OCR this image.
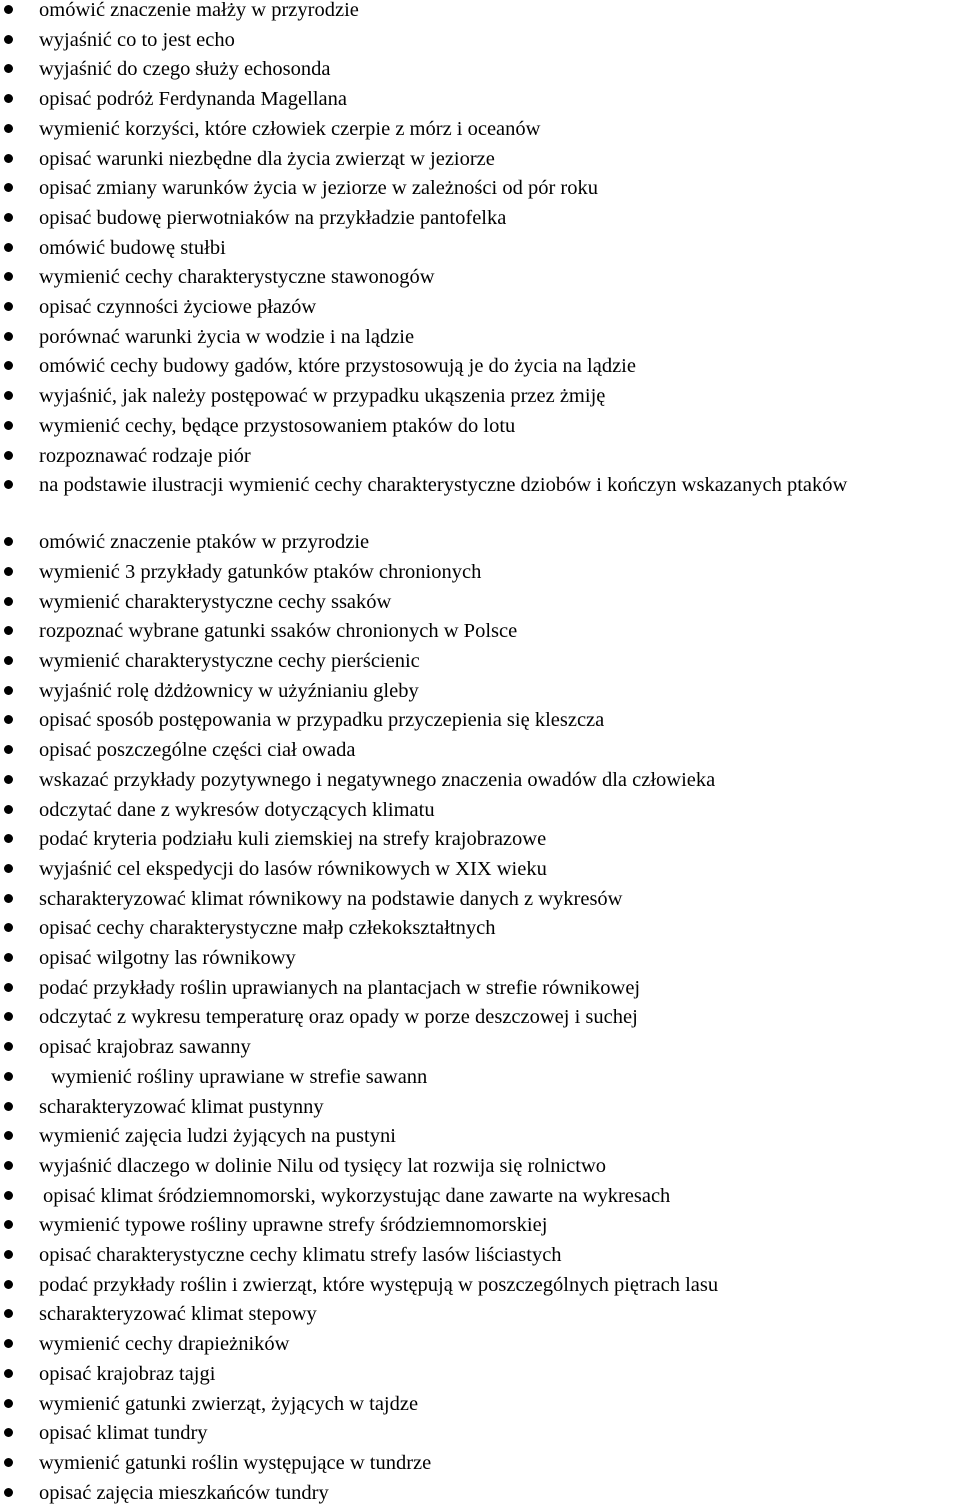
omówić znaczenie małży w przyrodzie
wyjaśnić co to jest echo
wyjaśnić do czego służy echosonda
opisać podróż Ferdynanda Magellana
wymienić korzyści, które człowiek czerpie z mórz i oceanów
opisać warunki niezbędne dla życia zwierząt w jeziorze
opisać zmiany warunków życia w jeziorze w zależności od pór roku
opisać budowę pierwotniaków na przykładzie pantofelka
omówić budowę stułbi
wymienić cechy charakterystyczne stawonogów
opisać czynności życiowe płazów
porównać warunki życia w wodzie i na lądzie
omówić cechy budowy gadów, które przystosowują je do życia na lądzie
wyjaśnić, jak należy postępować w przypadku ukąszenia przez żmiję
wymienić cechy, będące przystosowaniem ptaków do lotu
rozpoznawać rodzaje piór
na podstawie ilustracji wymienić cechy charakterystyczne dziobów i kończyn wskazanych ptaków
omówić znaczenie ptaków w przyrodzie
wymienić 3 przykłady gatunków ptaków chronionych
wymienić charakterystyczne cechy ssaków
rozpoznać wybrane gatunki ssaków chronionych w Polsce
wymienić charakterystyczne cechy pierścienic
wyjaśnić rolę dżdżownicy w użyźnianiu gleby
opisać sposób postępowania w przypadku przyczepienia się kleszcza
opisać poszczególne części ciał owada
wskazać przykłady pozytywnego i negatywnego znaczenia owadów dla człowieka
odczytać dane z wykresów dotyczących klimatu
podać kryteria podziału kuli ziemskiej na strefy krajobrazowe
wyjaśnić cel ekspedycji do lasów równikowych w XIX wieku
scharakteryzować klimat równikowy na podstawie danych z wykresów
opisać cechy charakterystyczne małp człekokształtnych
opisać wilgotny las równikowy
podać przykłady roślin uprawianych na plantacjach w strefie równikowej
odczytać z wykresu temperaturę oraz opady w porze deszczowej i suchej
opisać krajobraz sawanny
wymienić rośliny uprawiane w strefie sawann
scharakteryzować klimat pustynny
wymienić zajęcia ludzi żyjących na pustyni
wyjaśnić dlaczego w dolinie Nilu od tysięcy lat rozwija się rolnictwo
opisać klimat śródziemnomorski, wykorzystując dane zawarte na wykresach
wymienić typowe rośliny uprawne strefy śródziemnomorskiej
opisać charakterystyczne cechy klimatu strefy lasów liściastych
podać przykłady roślin i zwierząt, które występują w poszczególnych piętrach lasu
scharakteryzować klimat stepowy
wymienić cechy drapieżników
opisać krajobraz tajgi
wymienić gatunki zwierząt, żyjących w tajdze
opisać klimat tundry
wymienić gatunki roślin występujące w tundrze
opisać zajęcia mieszkańców tundry
